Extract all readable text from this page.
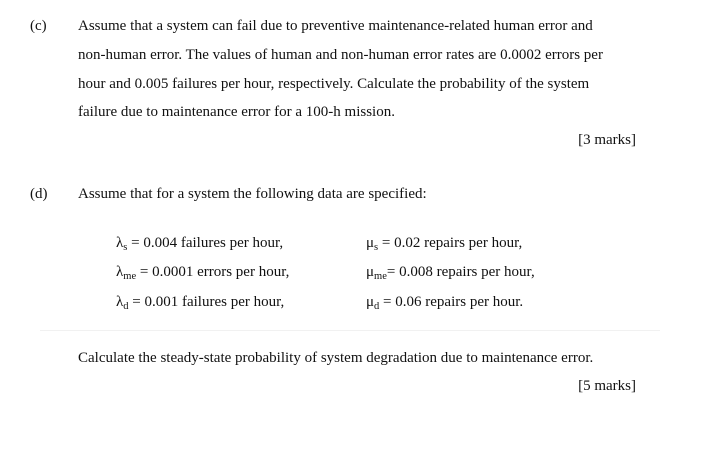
(c) Assume that a system can fail due to preventive maintenance-related human error and
non-human error. The values of human and non-human error rates are 0.0002 errors per
hour and 0.005 failures per hour, respectively. Calculate the probability of the system
failure due to maintenance error for a 100-h mission.
[3 marks]
(d) Assume that for a system the following data are specified:
$\lambda_s = 0.004$ failures per hour,	$\mu_s = 0.02$ repairs per hour,
$\lambda_{me} = 0.0001$ errors per hour,	$\mu_{me}= 0.008$ repairs per hour,
$\lambda_d = 0.001$ failures per hour,	$\mu_d = 0.06$ repairs per hour.
Calculate the steady-state probability of system degradation due to maintenance error.
[5 marks]
